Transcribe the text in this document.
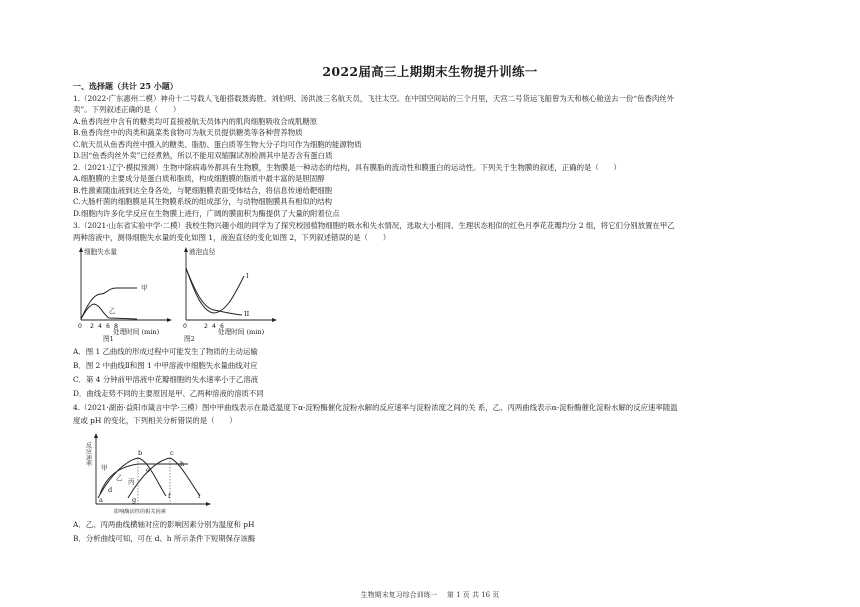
2022届高三上期期末生物提升训练一
一、选择题（共计 25 小题）
1.（2022·广东惠州二模）神舟十二号载人飞船搭载聂海胜、刘伯明、汤洪波三名航天员，飞往太空。在中国空间站的三个月里，天宫二号货运飞船曾为天和核心舱送去一份“鱼香肉丝外
卖”。下列叙述正确的是（　　）
A.鱼香肉丝中含有的糖类均可直接被航天员体内的肌肉细胞吸收合成肌糖原
B.鱼香肉丝中的肉类和蔬菜类食物可为航天员提供糖类等各种营养物质
C.航天员从鱼香肉丝中摄入的糖类、脂肪、蛋白质等生物大分子均可作为细胞的能源物质
D.因“鱼香肉丝外卖”已经煮熟，所以不能用双缩脲试剂检测其中是否含有蛋白质
2.（2021·辽宁·模拟预测）生物中除病毒外都具有生物膜，生物膜是一种动态的结构，具有膜脂的流动性和膜蛋白的运动性。下列关于生物膜的叙述，正确的是（　　）
A.细胞膜的主要成分是蛋白质和脂质，构成细胞膜的脂质中最丰富的是胆固醇
B.性激素随血液到达全身各处，与靶细胞膜表面受体结合，将信息传递给靶细胞
C.大肠杆菌的细胞膜是其生物膜系统的组成部分，与动物细胞膜具有相似的结构
D.细胞内许多化学反应在生物膜上进行，广阔的膜面积为酶提供了大量的附着位点
3.（2021·山东省实验中学·二模）我校生物兴趣小组的同学为了探究校园植物细胞的吸水和失水情况，选取大小相同、生理状态相似的红色月季花花瓣均分 2 组，将它们分别放置在甲乙
两种溶液中，测得细胞失水量的变化如图 1，液泡直径的变化如图 2，下列叙述错误的是（　　）
细胞失水量
甲
乙
0 2 4 6 8
处理时间 (min)
图1
液泡直径
I
II
0	2 4 6
处理时间 (min)
图2
A．图 1 乙曲线的形成过程中可能发生了物质的主动运输
B．图 2 中曲线Ⅱ和图 1 中甲溶液中细胞失水量曲线对应
C．第 4 分钟前甲溶液中花瓣细胞的失水速率小于乙溶液
D．曲线走势不同的主要原因是甲、乙两种溶液的溶质不同
4.（2021·湖南·益阳市箴言中学·三模）图中甲曲线表示在最适温度下α-淀粉酶催化淀粉水解的反应速率与淀粉浓度之间的关 系，乙、丙两曲线表示α-淀粉酶催化淀粉水解的反应速率随温
度或 pH 的变化，下列相关分析错误的是（　　）
反应速率
甲
乙 丙
a
b	c
d
e
f
g
h
i
影响酶活性的相关因素
A．乙、丙两曲线横轴对应的影响因素分别为温度和 pH
B．分析曲线可知，可在 d、h 所示条件下短期保存该酶
生物期末复习综合训练一　 第 1 页 共 16 页
